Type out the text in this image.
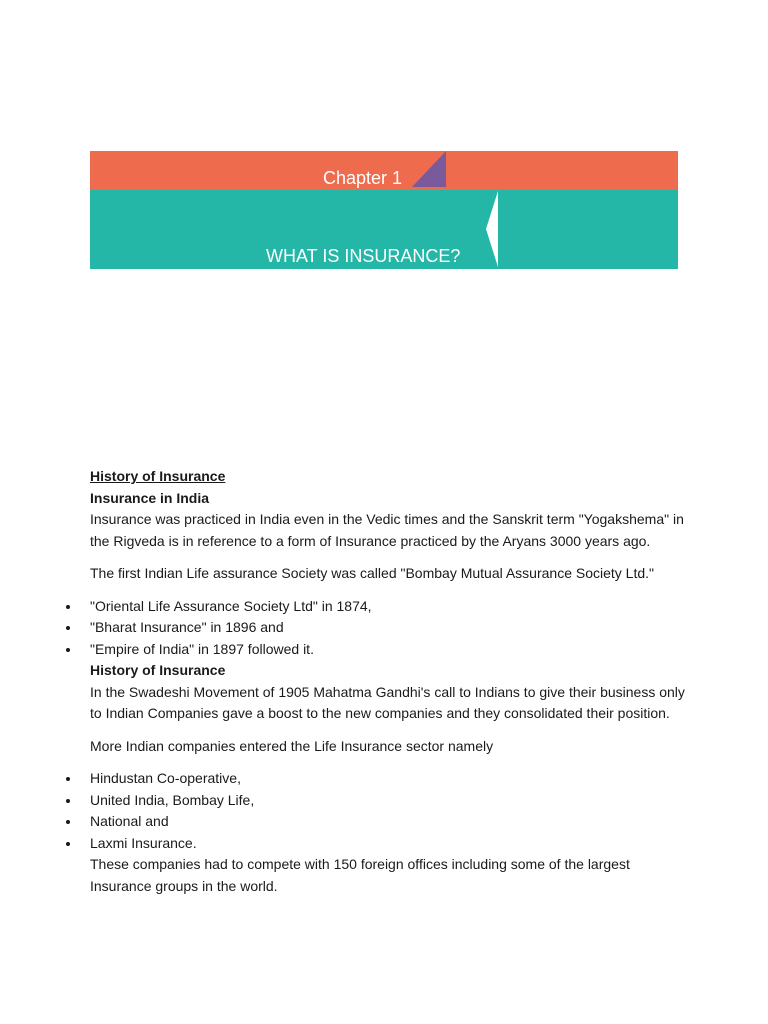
Chapter 1
WHAT IS INSURANCE?

History of Insurance

Insurance in India

Insurance was practiced in India even in the Vedic times and the Sanskrit term "Yogakshema" in the Rigveda is in reference to a form of Insurance practiced by the Aryans 3000 years ago.

The first Indian Life assurance Society was called "Bombay Mutual Assurance Society Ltd."

"Oriental Life Assurance Society Ltd" in 1874,
"Bharat Insurance" in 1896 and
"Empire of India" in 1897 followed it.

History of Insurance

In the Swadeshi Movement of 1905 Mahatma Gandhi's call to Indians to give their business only to Indian Companies gave a boost to the new companies and they consolidated their position.

More Indian companies entered the Life Insurance sector namely

Hindustan Co-operative,
United India, Bombay Life,
National and
Laxmi Insurance.

These companies had to compete with 150 foreign offices including some of the largest Insurance groups in the world.
